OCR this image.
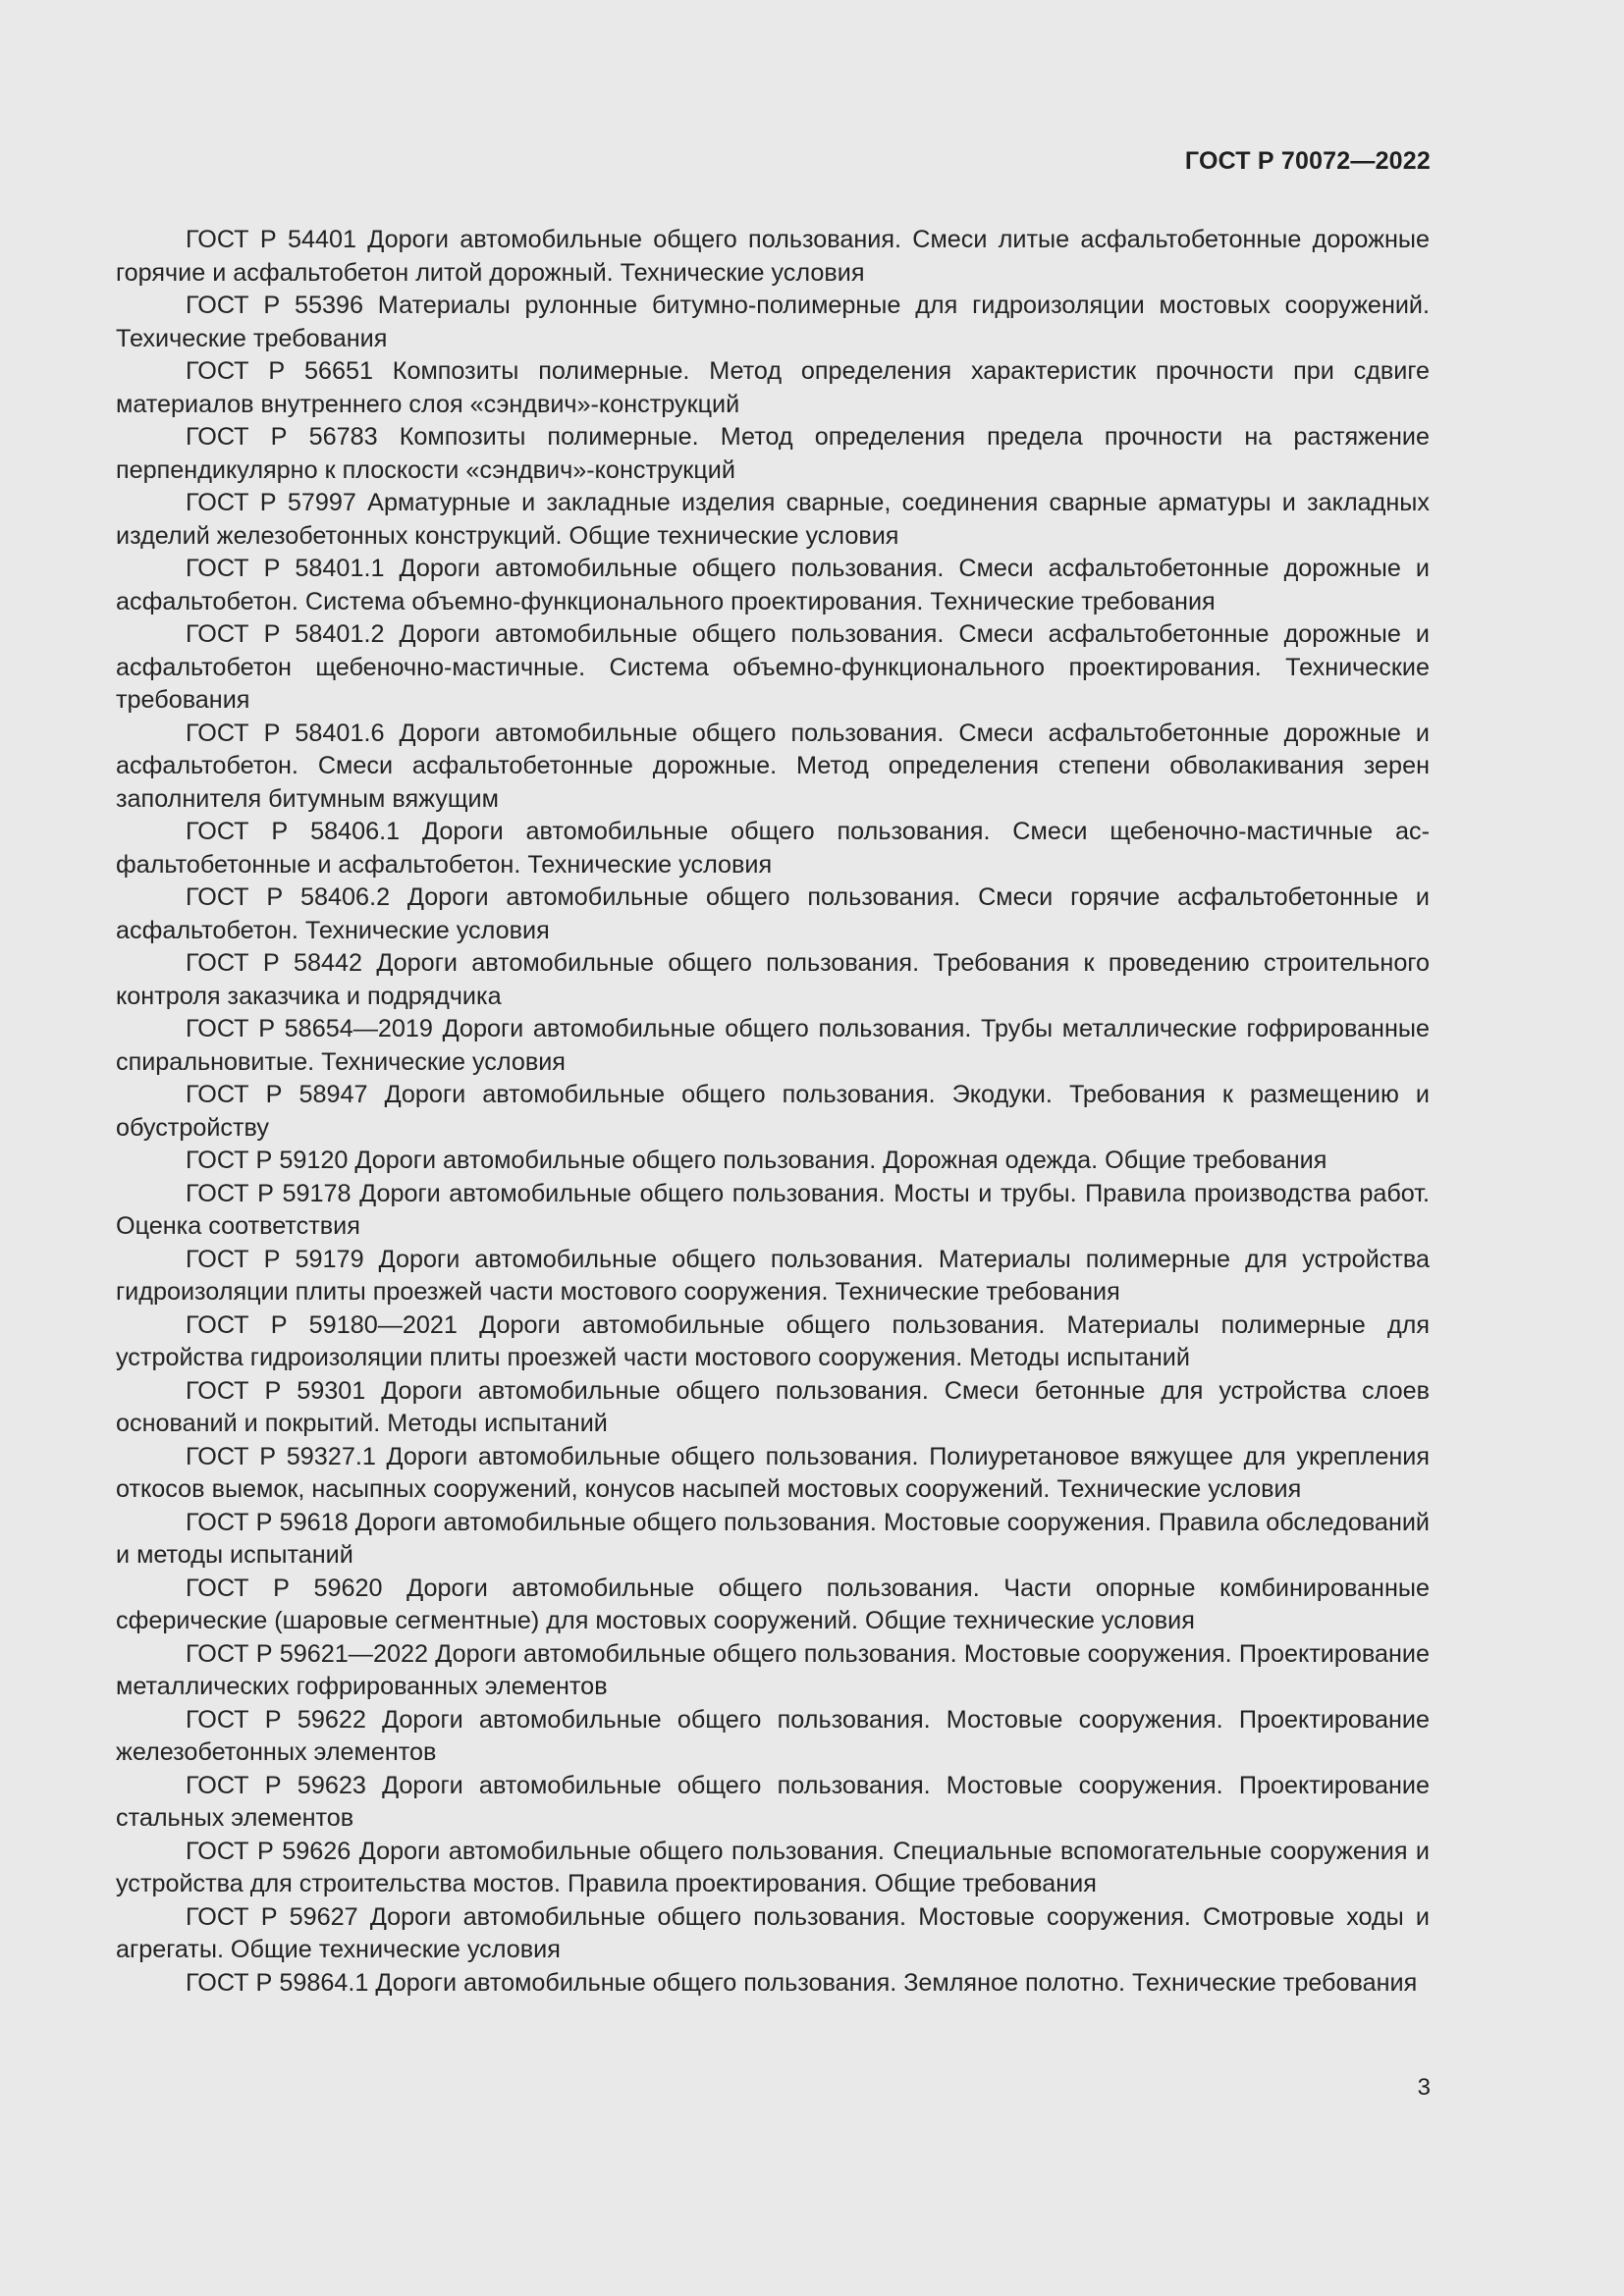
ГОСТ Р 70072—2022
ГОСТ Р 54401 Дороги автомобильные общего пользования. Смеси литые асфальтобетонные дорожные горячие и асфальтобетон литой дорожный. Технические условия
ГОСТ Р 55396 Материалы рулонные битумно-полимерные для гидроизоляции мостовых сооружений. Техические требования
ГОСТ Р 56651 Композиты полимерные. Метод определения характеристик прочности при сдвиге материалов внутреннего слоя «сэндвич»-конструкций
ГОСТ Р 56783 Композиты полимерные. Метод определения предела прочности на растяжение перпендикулярно к плоскости «сэндвич»-конструкций
ГОСТ Р 57997 Арматурные и закладные изделия сварные, соединения сварные арматуры и закладных изделий железобетонных конструкций. Общие технические условия
ГОСТ Р 58401.1 Дороги автомобильные общего пользования. Смеси асфальтобетонные дорожные и асфальтобетон. Система объемно-функционального проектирования. Технические требования
ГОСТ Р 58401.2 Дороги автомобильные общего пользования. Смеси асфальтобетонные дорожные и асфальтобетон щебеночно-мастичные. Система объемно-функционального проектирования. Технические требования
ГОСТ Р 58401.6 Дороги автомобильные общего пользования. Смеси асфальтобетонные дорожные и асфальтобетон. Смеси асфальтобетонные дорожные. Метод определения степени обволакивания зерен заполнителя битумным вяжущим
ГОСТ Р 58406.1 Дороги автомобильные общего пользования. Смеси щебеночно-мастичные асфальтобетонные и асфальтобетон. Технические условия
ГОСТ Р 58406.2 Дороги автомобильные общего пользования. Смеси горячие асфальтобетонные и асфальтобетон. Технические условия
ГОСТ Р 58442 Дороги автомобильные общего пользования. Требования к проведению строительного контроля заказчика и подрядчика
ГОСТ Р 58654—2019 Дороги автомобильные общего пользования. Трубы металлические гофрированные спиральновитые. Технические условия
ГОСТ Р 58947 Дороги автомобильные общего пользования. Экодуки. Требования к размещению и обустройству
ГОСТ Р 59120 Дороги автомобильные общего пользования. Дорожная одежда. Общие требования
ГОСТ Р 59178 Дороги автомобильные общего пользования. Мосты и трубы. Правила производства работ. Оценка соответствия
ГОСТ Р 59179 Дороги автомобильные общего пользования. Материалы полимерные для устройства гидроизоляции плиты проезжей части мостового сооружения. Технические требования
ГОСТ Р 59180—2021 Дороги автомобильные общего пользования. Материалы полимерные для устройства гидроизоляции плиты проезжей части мостового сооружения. Методы испытаний
ГОСТ Р 59301 Дороги автомобильные общего пользования. Смеси бетонные для устройства слоев оснований и покрытий. Методы испытаний
ГОСТ Р 59327.1 Дороги автомобильные общего пользования. Полиуретановое вяжущее для укрепления откосов выемок, насыпных сооружений, конусов насыпей мостовых сооружений. Технические условия
ГОСТ Р 59618 Дороги автомобильные общего пользования. Мостовые сооружения. Правила обследований и методы испытаний
ГОСТ Р 59620 Дороги автомобильные общего пользования. Части опорные комбинированные сферические (шаровые сегментные) для мостовых сооружений. Общие технические условия
ГОСТ Р 59621—2022 Дороги автомобильные общего пользования. Мостовые сооружения. Проектирование металлических гофрированных элементов
ГОСТ Р 59622 Дороги автомобильные общего пользования. Мостовые сооружения. Проектирование железобетонных элементов
ГОСТ Р 59623 Дороги автомобильные общего пользования. Мостовые сооружения. Проектирование стальных элементов
ГОСТ Р 59626 Дороги автомобильные общего пользования. Специальные вспомогательные сооружения и устройства для строительства мостов. Правила проектирования. Общие требования
ГОСТ Р 59627 Дороги автомобильные общего пользования. Мостовые сооружения. Смотровые ходы и агрегаты. Общие технические условия
ГОСТ Р 59864.1 Дороги автомобильные общего пользования. Земляное полотно. Технические требования
3
